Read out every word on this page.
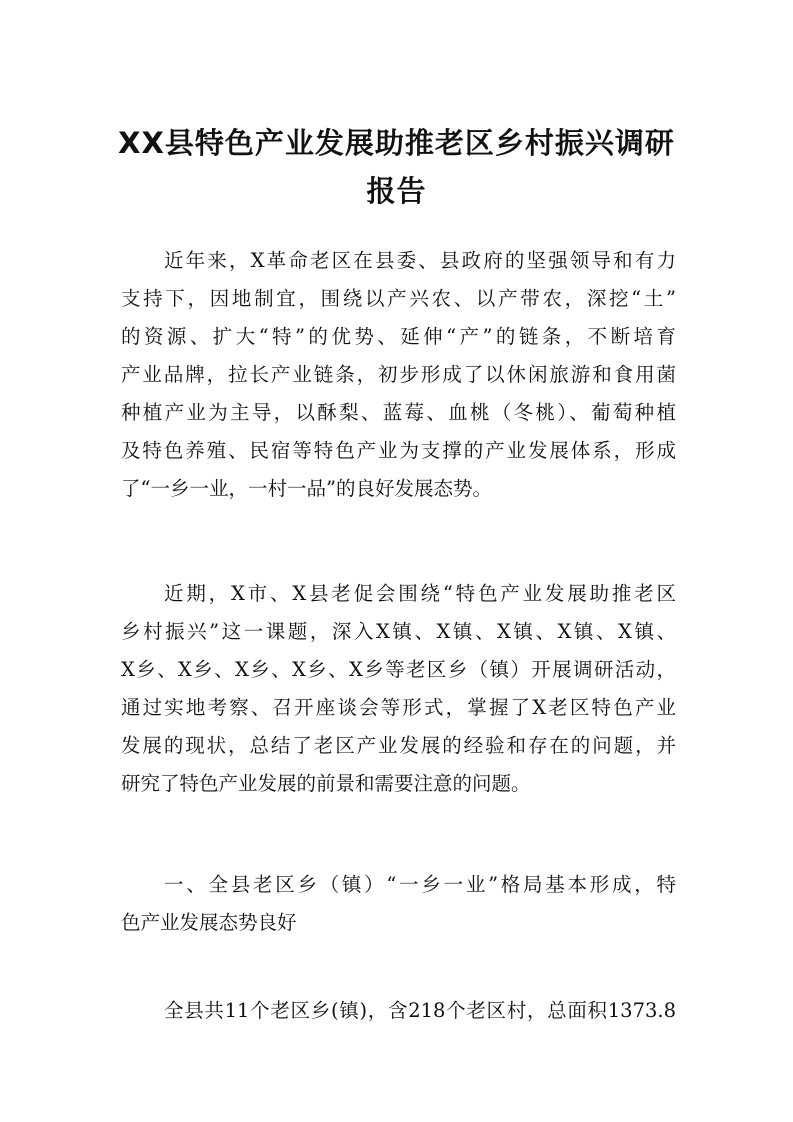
XX县特色产业发展助推老区乡村振兴调研
报告
近年来，X革命老区在县委、县政府的坚强领导和有力
支持下，因地制宜，围绕以产兴农、以产带农，深挖“土”
的资源、扩大“特”的优势、延伸“产”的链条，不断培育
产业品牌，拉长产业链条，初步形成了以休闲旅游和食用菌
种植产业为主导，以酥梨、蓝莓、血桃（冬桃）、葡萄种植
及特色养殖、民宿等特色产业为支撑的产业发展体系，形成
了“一乡一业，一村一品”的良好发展态势。
近期，X市、X县老促会围绕“特色产业发展助推老区
乡村振兴”这一课题，深入X镇、X镇、X镇、X镇、X镇、
X乡、X乡、X乡、X乡、X乡等老区乡（镇）开展调研活动，
通过实地考察、召开座谈会等形式，掌握了X老区特色产业
发展的现状，总结了老区产业发展的经验和存在的问题，并
研究了特色产业发展的前景和需要注意的问题。
一、全县老区乡（镇）“一乡一业”格局基本形成，特
色产业发展态势良好
全县共11个老区乡(镇)，含218个老区村，总面积1373.8
